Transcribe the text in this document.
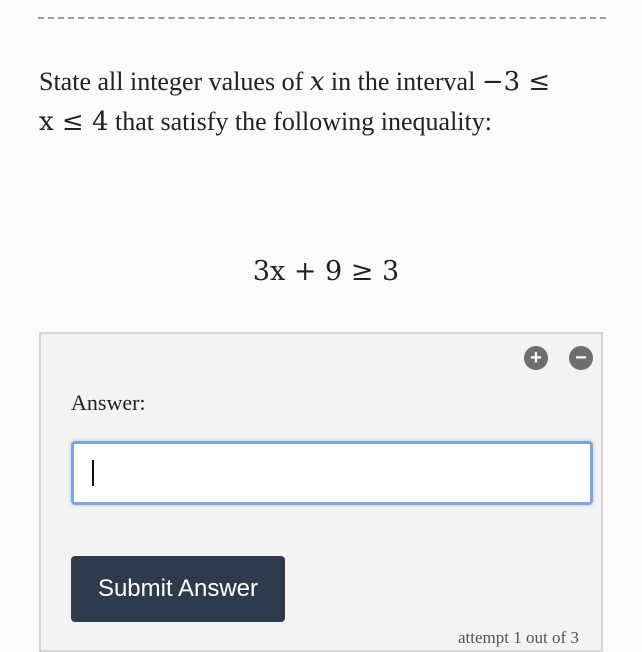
State all integer values of x in the interval −3 ≤ x ≤ 4 that satisfy the following inequality:
3x + 9 ≥ 3
+	−
Answer:
Submit Answer
attempt 1 out of 3
